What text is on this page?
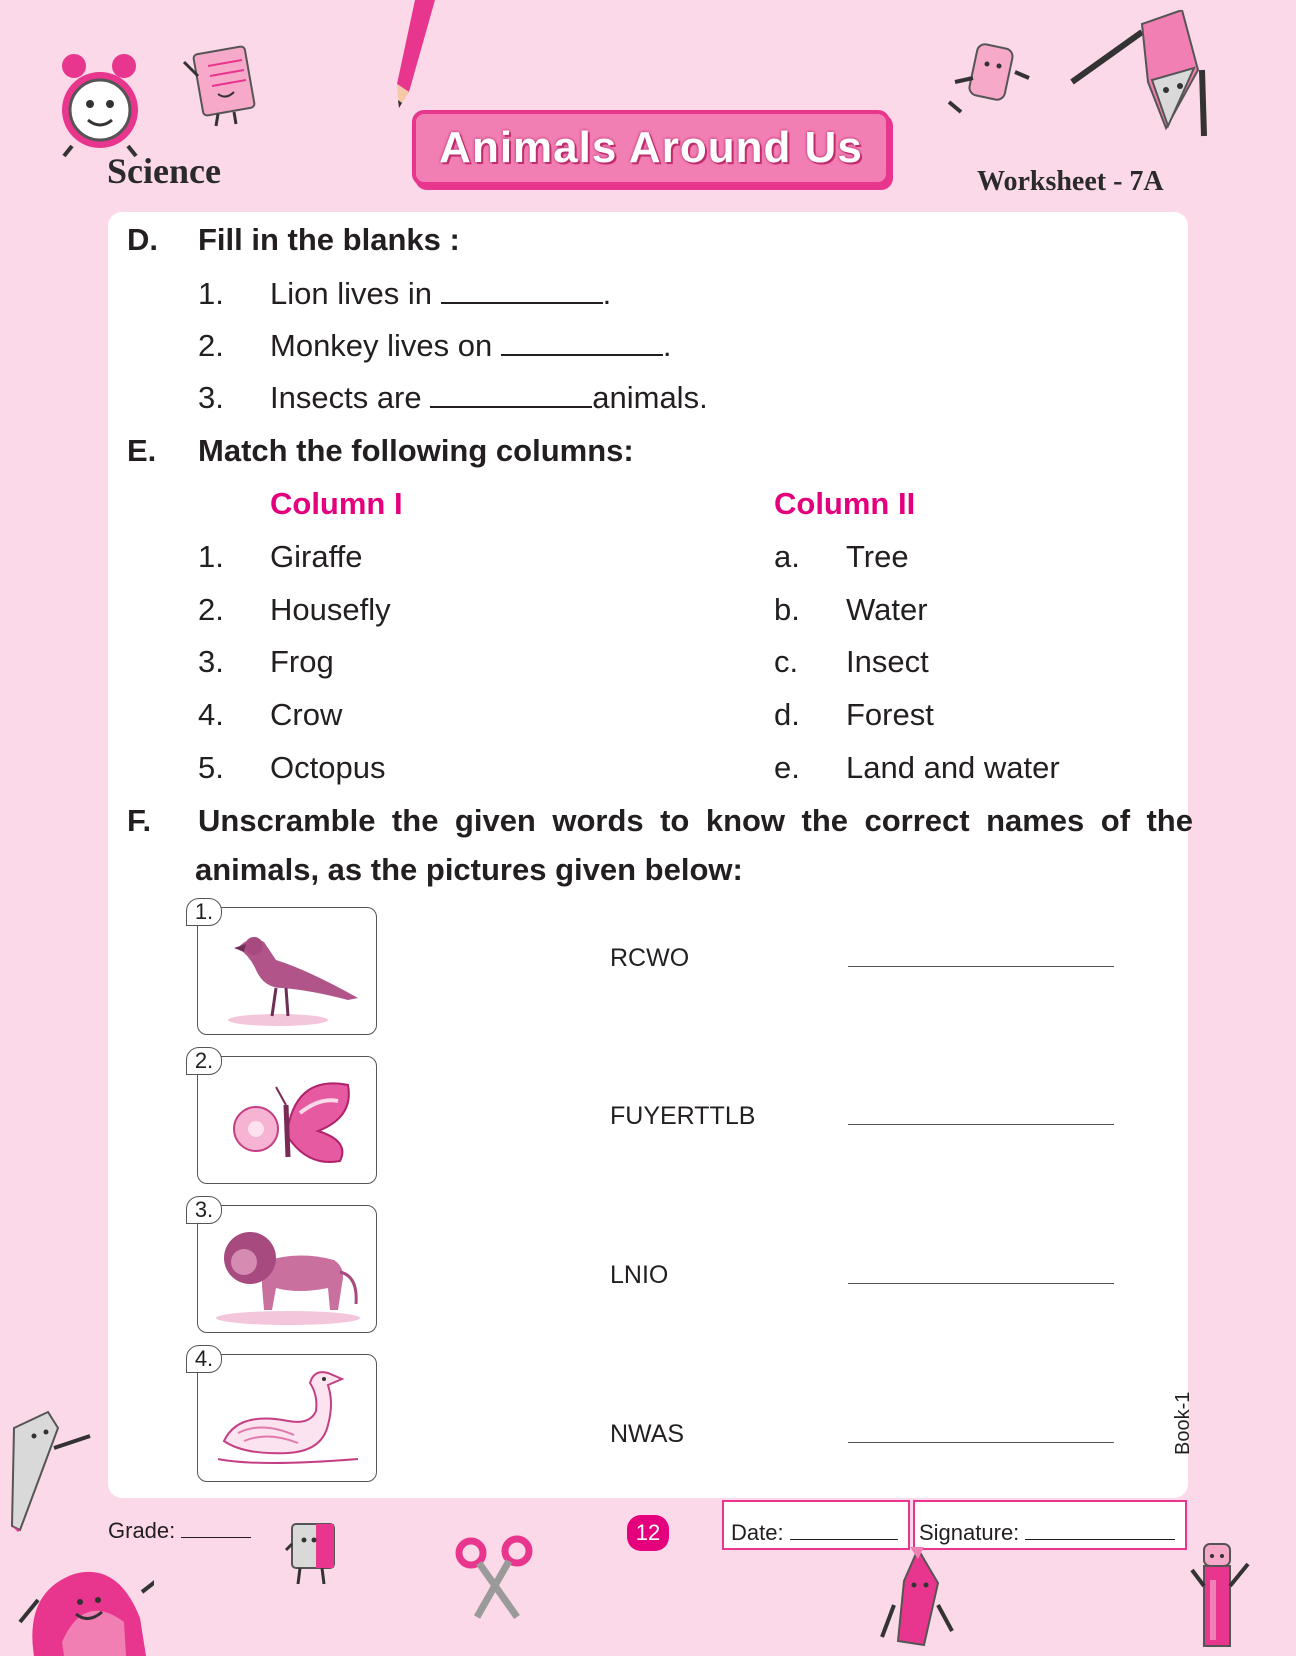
Science	Animals Around Us
Worksheet - 7A
D. Fill in the blanks :
1. Lion lives in	.
2. Monkey lives on	.
3. Insects are	animals.
E. Match the following columns:
Column I	Column II
1. Giraffe	a. Tree
2. Housefly	b. Water
3. Frog	c. Insect
4. Crow	d. Forest
5. Octopus	e. Land and water
F. Unscramble the given words to know the correct names of the
animals, as the pictures given below:
1.
RCWO
2.
FUYERTTLB
3.
LNIO
4.
NWAS	Book-1
Grade:	12	Date:	Signature:
